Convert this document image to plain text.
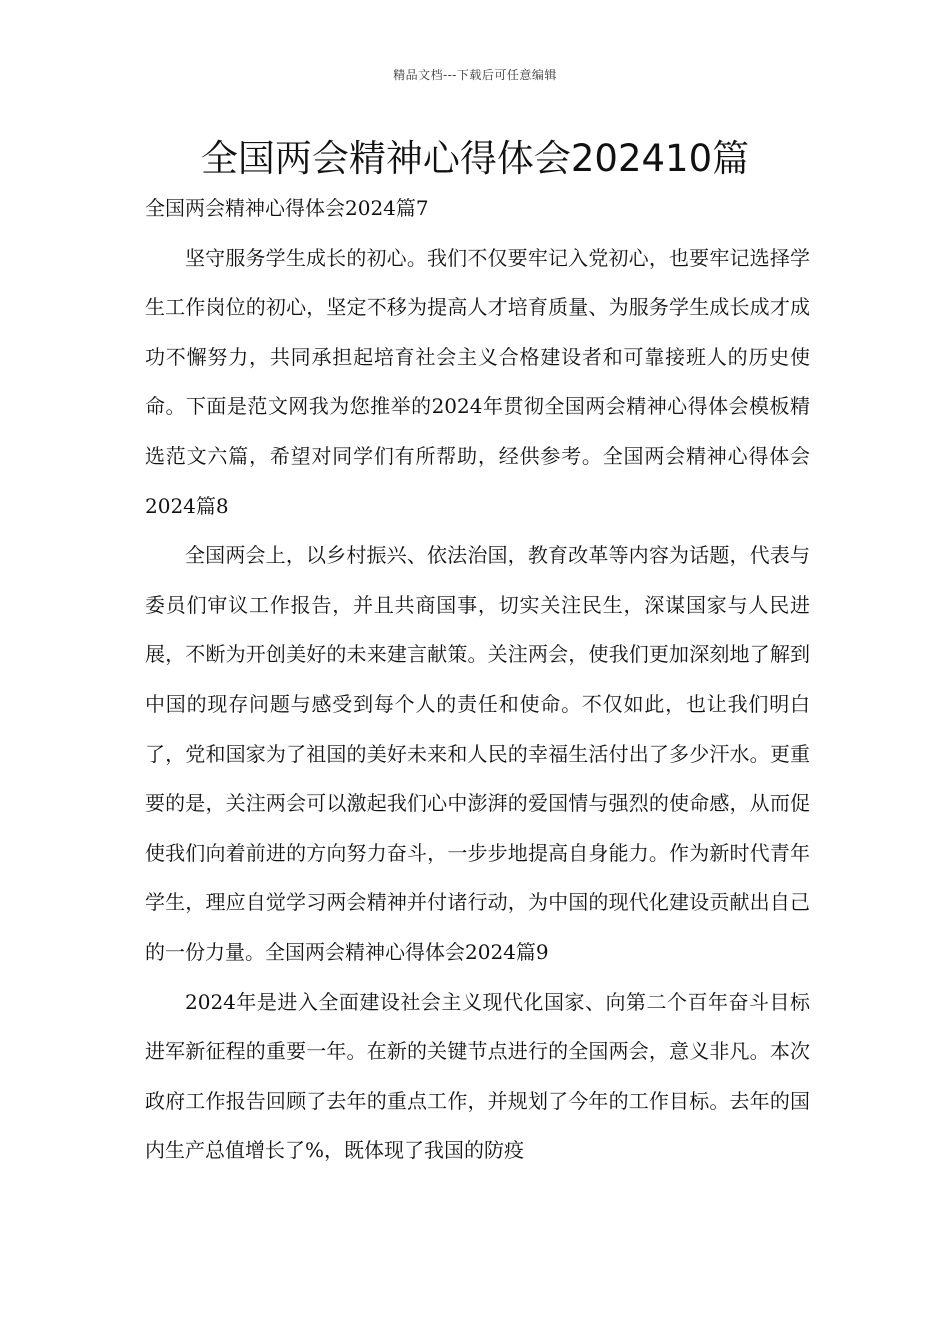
精品文档---下载后可任意编辑
全国两会精神心得体会202410篇

全国两会精神心得体会2024篇7

坚守服务学生成长的初心。我们不仅要牢记入党初心，也要牢记选择学生工作岗位的初心，坚定不移为提高人才培育质量、为服务学生成长成才成功不懈努力，共同承担起培育社会主义合格建设者和可靠接班人的历史使命。下面是范文网我为您推举的2024年贯彻全国两会精神心得体会模板精选范文六篇，希望对同学们有所帮助，经供参考。全国两会精神心得体会2024篇8

全国两会上，以乡村振兴、依法治国，教育改革等内容为话题，代表与委员们审议工作报告，并且共商国事，切实关注民生，深谋国家与人民进展，不断为开创美好的未来建言献策。关注两会，使我们更加深刻地了解到中国的现存问题与感受到每个人的责任和使命。不仅如此，也让我们明白了，党和国家为了祖国的美好未来和人民的幸福生活付出了多少汗水。更重要的是，关注两会可以激起我们心中澎湃的爱国情与强烈的使命感，从而促使我们向着前进的方向努力奋斗，一步步地提高自身能力。作为新时代青年学生，理应自觉学习两会精神并付诸行动，为中国的现代化建设贡献出自己的一份力量。全国两会精神心得体会2024篇9

2024年是进入全面建设社会主义现代化国家、向第二个百年奋斗目标进军新征程的重要一年。在新的关键节点进行的全国两会，意义非凡。本次政府工作报告回顾了去年的重点工作，并规划了今年的工作目标。去年的国内生产总值增长了%，既体现了我国的防疫
